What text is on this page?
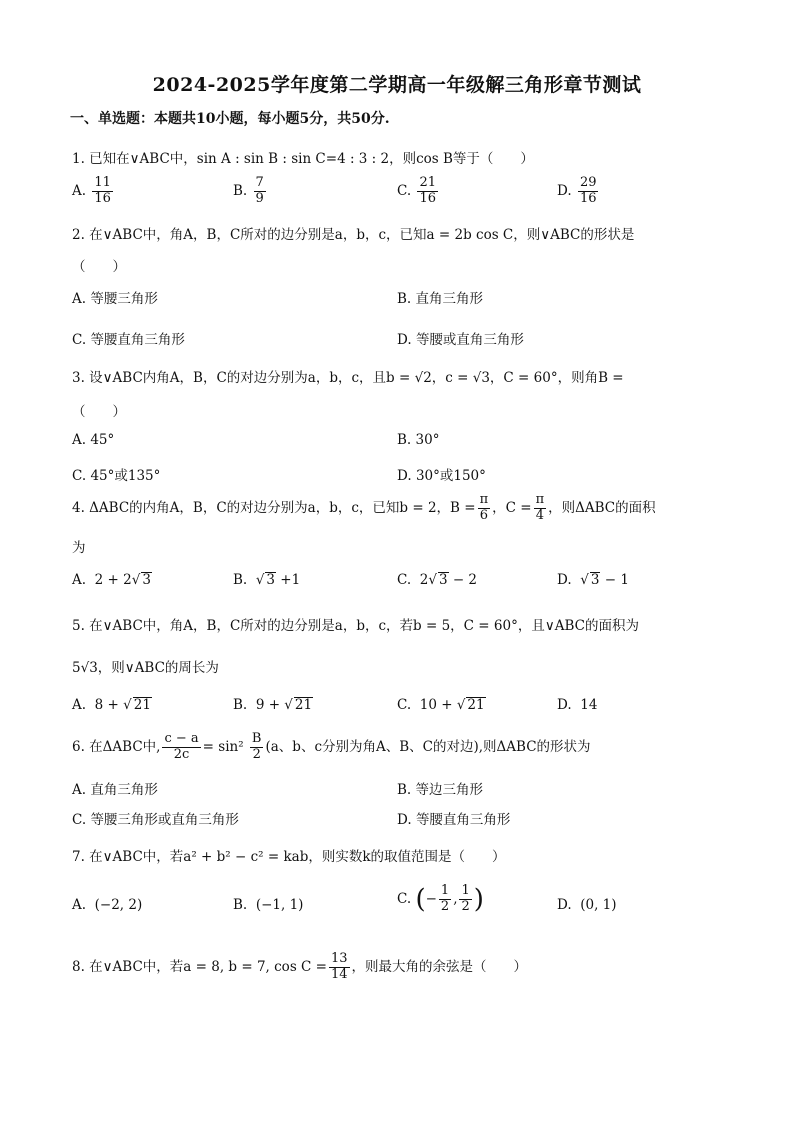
2024-2025学年度第二学期高一年级解三角形章节测试
一、单选题：本题共10小题，每小题5分，共50分.
1. 已知在∨ABC中，sin A : sin B : sin C=4 : 3 : 2，则cos B等于（　　）
A. $\frac{11}{16}$	B. $\frac{7}{9}$	C. $\frac{21}{16}$	D. $\frac{29}{16}$
2. 在∨ABC中，角A，B，C所对的边分别是a，b，c，已知a = 2b cos C，则∨ABC的形状是
（　　）
A. 等腰三角形	B. 直角三角形
C. 等腰直角三角形	D. 等腰或直角三角形
3. 设∨ABC内角A，B，C的对边分别为a，b，c，且b = √2，c = √3，C = 60°，则角B =
（　　）
A. 45°	B. 30°
C. 45°或135°	D. 30°或150°
4. ΔABC的内角A，B，C的对边分别为a，b，c，已知b = 2，$B = \frac{\pi}{6}$ ，$C = \frac{\pi}{4}$ ，则ΔABC的面积
为
A. 2 + 2√ 3	B. √ 3 +1	C. 2√ 3 − 2	D. √ 3 − 1
5. 在∨ABC中，角A，B，C所对的边分别是a，b，c，若b = 5，C = 60°，且∨ABC的面积为
5√3，则∨ABC的周长为
A. 8 + √ 21	B. 9 + √ 21	C. 10 + √ 21	D. 14
6. 在ΔABC中, $\frac{c - a}{2c} = \sin^2 \frac{B}{2} (a$、b、c分别为角A、B、C的对边),则ΔABC的形状为
A. 直角三角形	B. 等边三角形
C. 等腰三角形或直角三角形	D. 等腰直角三角形
7. 在∨ABC中，若a² + b² − c² = kab，则实数k的取值范围是（　　）
A. (−2, 2)	B. (−1, 1)	C. (− $\frac{1}{2}$ , $\frac{1}{2}$ )	D. (0, 1)
8. 在∨ABC中，若a = 8, b = 7, $\cos C = \frac{13}{14}$ ，则最大角的余弦是（　　）
